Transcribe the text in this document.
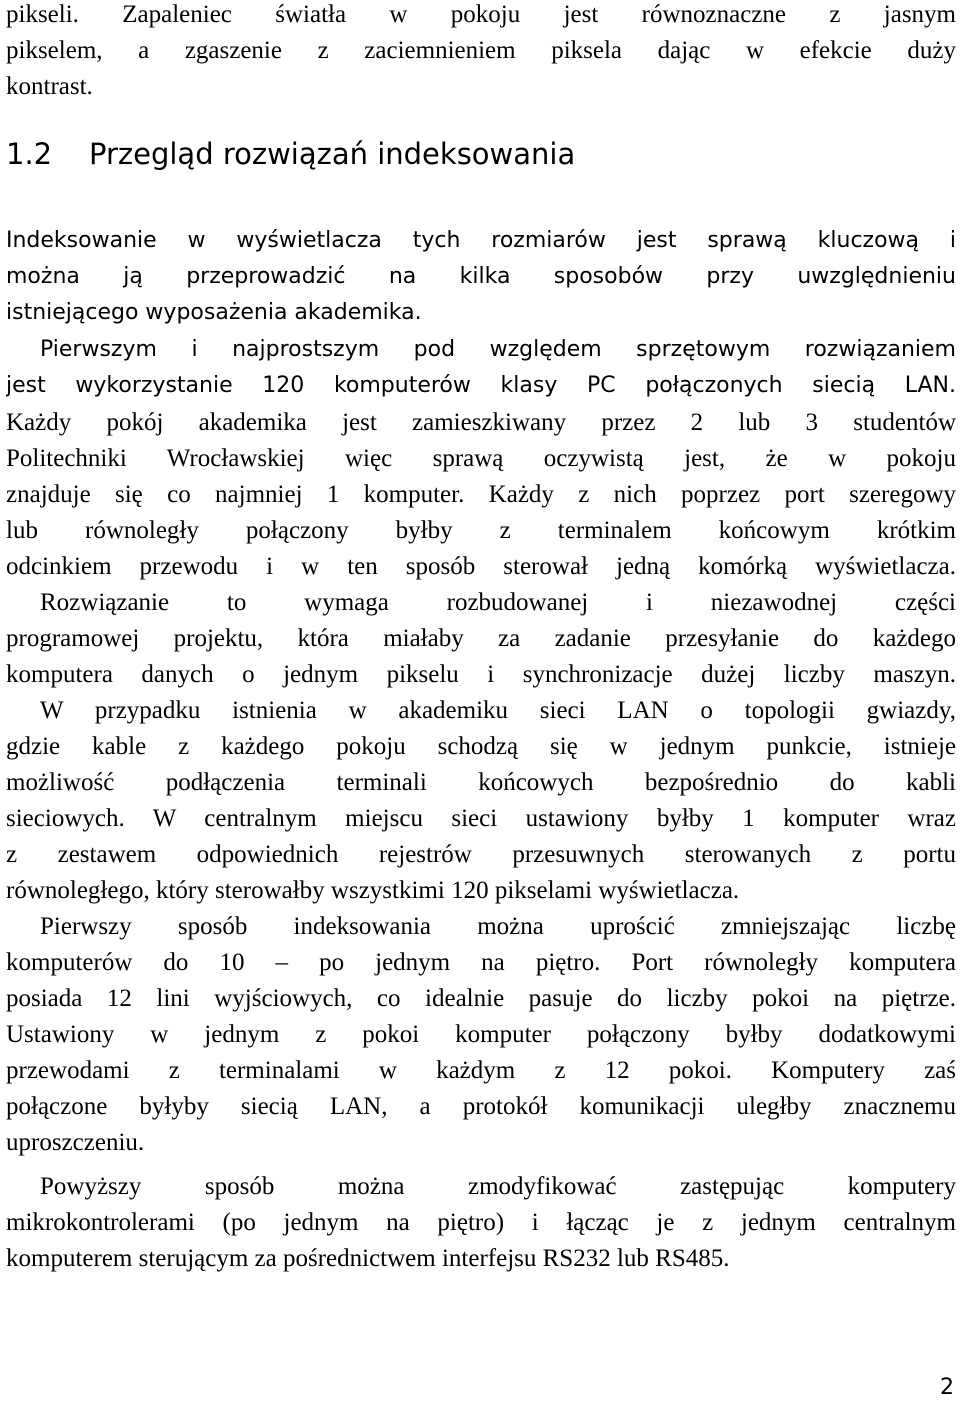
pikseli. Zapaleniec światła w pokoju jest równoznaczne z jasnym
pikselem, a zgaszenie z zaciemnieniem piksela dając w efekcie duży
kontrast.
1.2 Przegląd rozwiązań indeksowania
Indeksowanie w wyświetlacza tych rozmiarów jest sprawą kluczową i
można ją przeprowadzić na kilka sposobów przy uwzględnieniu
istniejącego wyposażenia akademika.
Pierwszym i najprostszym pod względem sprzętowym rozwiązaniem
jest wykorzystanie 120 komputerów klasy PC połączonych siecią LAN.
Każdy pokój akademika jest zamieszkiwany przez 2 lub 3 studentów
Politechniki Wrocławskiej więc sprawą oczywistą jest, że w pokoju
znajduje się co najmniej 1 komputer. Każdy z nich poprzez port szeregowy
lub równoległy połączony byłby z terminalem końcowym krótkim
odcinkiem przewodu i w ten sposób sterował jedną komórką wyświetlacza.
Rozwiązanie to wymaga rozbudowanej i niezawodnej części
programowej projektu, która miałaby za zadanie przesyłanie do każdego
komputera danych o jednym pikselu i synchronizacje dużej liczby maszyn.
W przypadku istnienia w akademiku sieci LAN o topologii gwiazdy,
gdzie kable z każdego pokoju schodzą się w jednym punkcie, istnieje
możliwość podłączenia terminali końcowych bezpośrednio do kabli
sieciowych. W centralnym miejscu sieci ustawiony byłby 1 komputer wraz
z zestawem odpowiednich rejestrów przesuwnych sterowanych z portu
równoległego, który sterowałby wszystkimi 120 pikselami wyświetlacza.
Pierwszy sposób indeksowania można uprościć zmniejszając liczbę
komputerów do 10 – po jednym na piętro. Port równoległy komputera
posiada 12 lini wyjściowych, co idealnie pasuje do liczby pokoi na piętrze.
Ustawiony w jednym z pokoi komputer połączony byłby dodatkowymi
przewodami z terminalami w każdym z 12 pokoi. Komputery zaś
połączone byłyby siecią LAN, a protokół komunikacji uległby znacznemu
uproszczeniu.
Powyższy sposób można zmodyfikować zastępując komputery
mikrokontrolerami (po jednym na piętro) i łącząc je z jednym centralnym
komputerem sterującym za pośrednictwem interfejsu RS232 lub RS485.
2
